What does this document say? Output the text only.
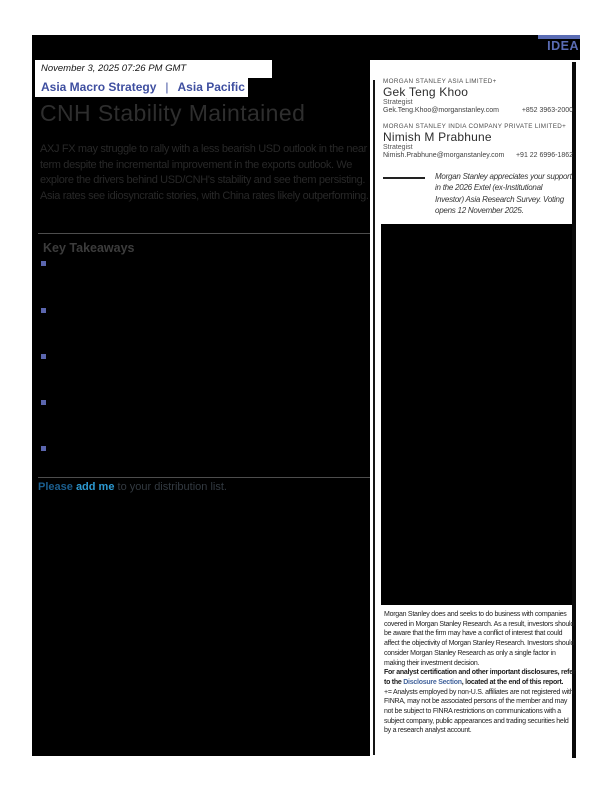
IDEA
November 3, 2025 07:26 PM GMT
Asia Macro Strategy | Asia Pacific
CNH Stability Maintained
AXJ FX may struggle to rally with a less bearish USD outlook in the near term despite the incremental improvement in the exports outlook. We explore the drivers behind USD/CNH's stability and see them persisting. Asia rates see idiosyncratic stories, with China rates likely outperforming.
Key Takeaways
Please add me to your distribution list.
MORGAN STANLEY ASIA LIMITED+
Gek Teng Khoo
Strategist
Gek.Teng.Khoo@morganstanley.com	+852 3963-2000
MORGAN STANLEY INDIA COMPANY PRIVATE LIMITED+
Nimish M Prabhune
Strategist
Nimish.Prabhune@morganstanley.com +91 22 6996-1862
Morgan Stanley appreciates your support in the 2026 Extel (ex-Institutional Investor) Asia Research Survey. Voting opens 12 November 2025.

Morgan Stanley does and seeks to do business with companies covered in Morgan Stanley Research. As a result, investors should be aware that the firm may have a conflict of interest that could affect the objectivity of Morgan Stanley Research. Investors should consider Morgan Stanley Research as only a single factor in making their investment decision.

For analyst certification and other important disclosures, refer to the Disclosure Section, located at the end of this report.

+= Analysts employed by non-U.S. affiliates are not registered with FINRA, may not be associated persons of the member and may not be subject to FINRA restrictions on communications with a subject company, public appearances and trading securities held by a research analyst account.
